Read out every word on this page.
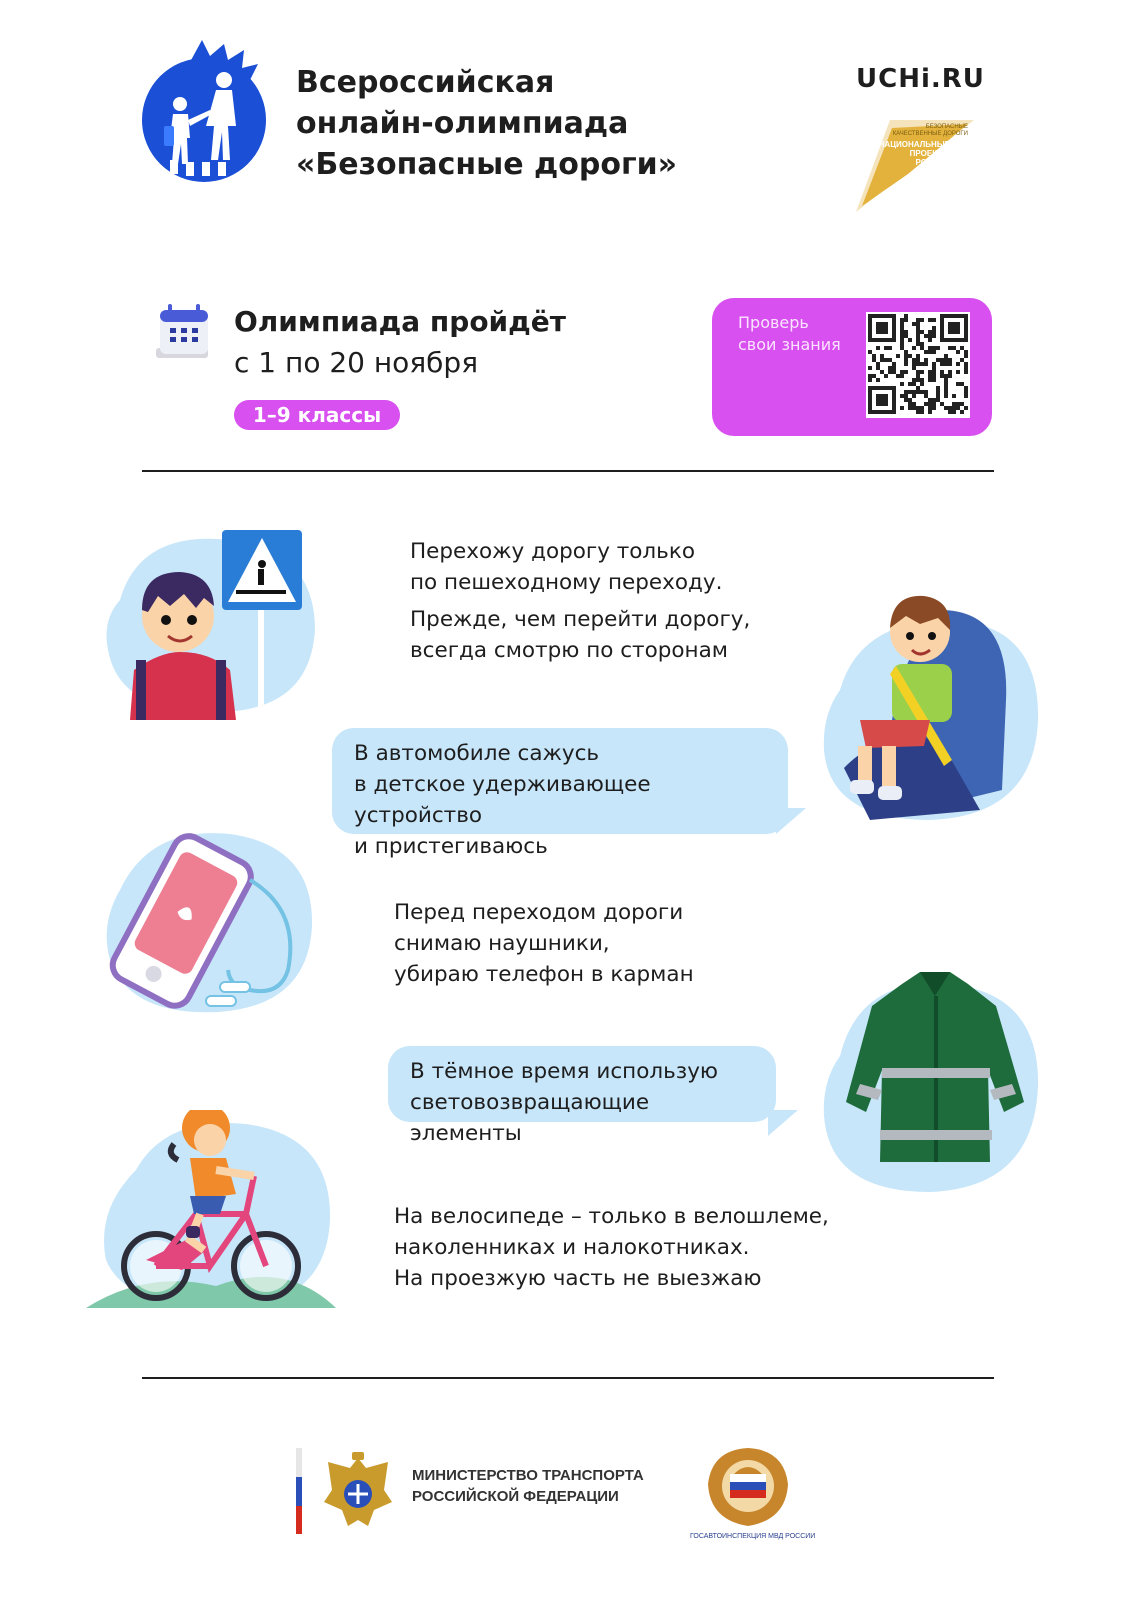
Всероссийская
онлайн-олимпиада
«Безопасные дороги»
UCHi.RU
БЕЗОПАСНЫЕ
КАЧЕСТВЕННЫЕ ДОРОГИ
НАЦИОНАЛЬНЫЕ
ПРОЕКТЫ
РОССИИ
Олимпиада пройдёт
с 1 по 20 ноября
1–9 классы
Проверь
свои знания
Перехожу дорогу только
по пешеходному переходу.
Прежде, чем перейти дорогу,
всегда смотрю по сторонам
В автомобиле сажусь
в детское удерживающее устройство
и пристегиваюсь
Перед переходом дороги
снимаю наушники,
убираю телефон в карман
В тёмное время использую
световозвращающие элементы
На велосипеде – только в велошлеме,
наколенниках и налокотниках.
На проезжую часть не выезжаю
МИНИСТЕРСТВО ТРАНСПОРТА
РОССИЙСКОЙ ФЕДЕРАЦИИ
ГОСАВТОИНСПЕКЦИЯ МВД РОССИИ
